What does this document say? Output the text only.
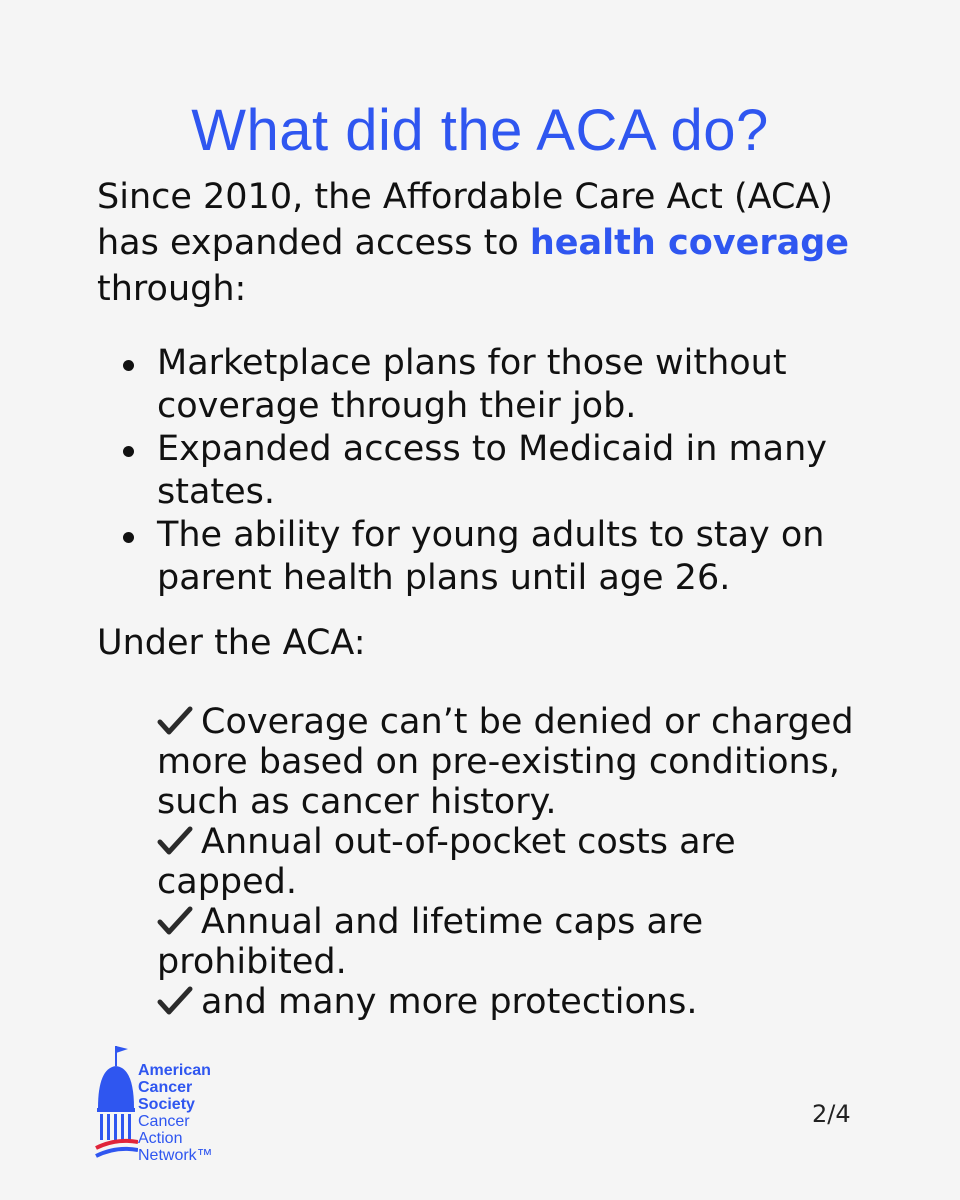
What did the ACA do?

Since 2010, the Affordable Care Act (ACA)
has expanded access to health coverage
through:

Marketplace plans for those without coverage through their job.
Expanded access to Medicaid in many states.
The ability for young adults to stay on parent health plans until age 26.

Under the ACA:

Coverage can’t be denied or charged more based on pre-existing conditions, such as cancer history.
Annual out-of-pocket costs are capped.
Annual and lifetime caps are prohibited.
and many more protections.
American
Cancer
Society
Cancer
Action
Network™
2/4
